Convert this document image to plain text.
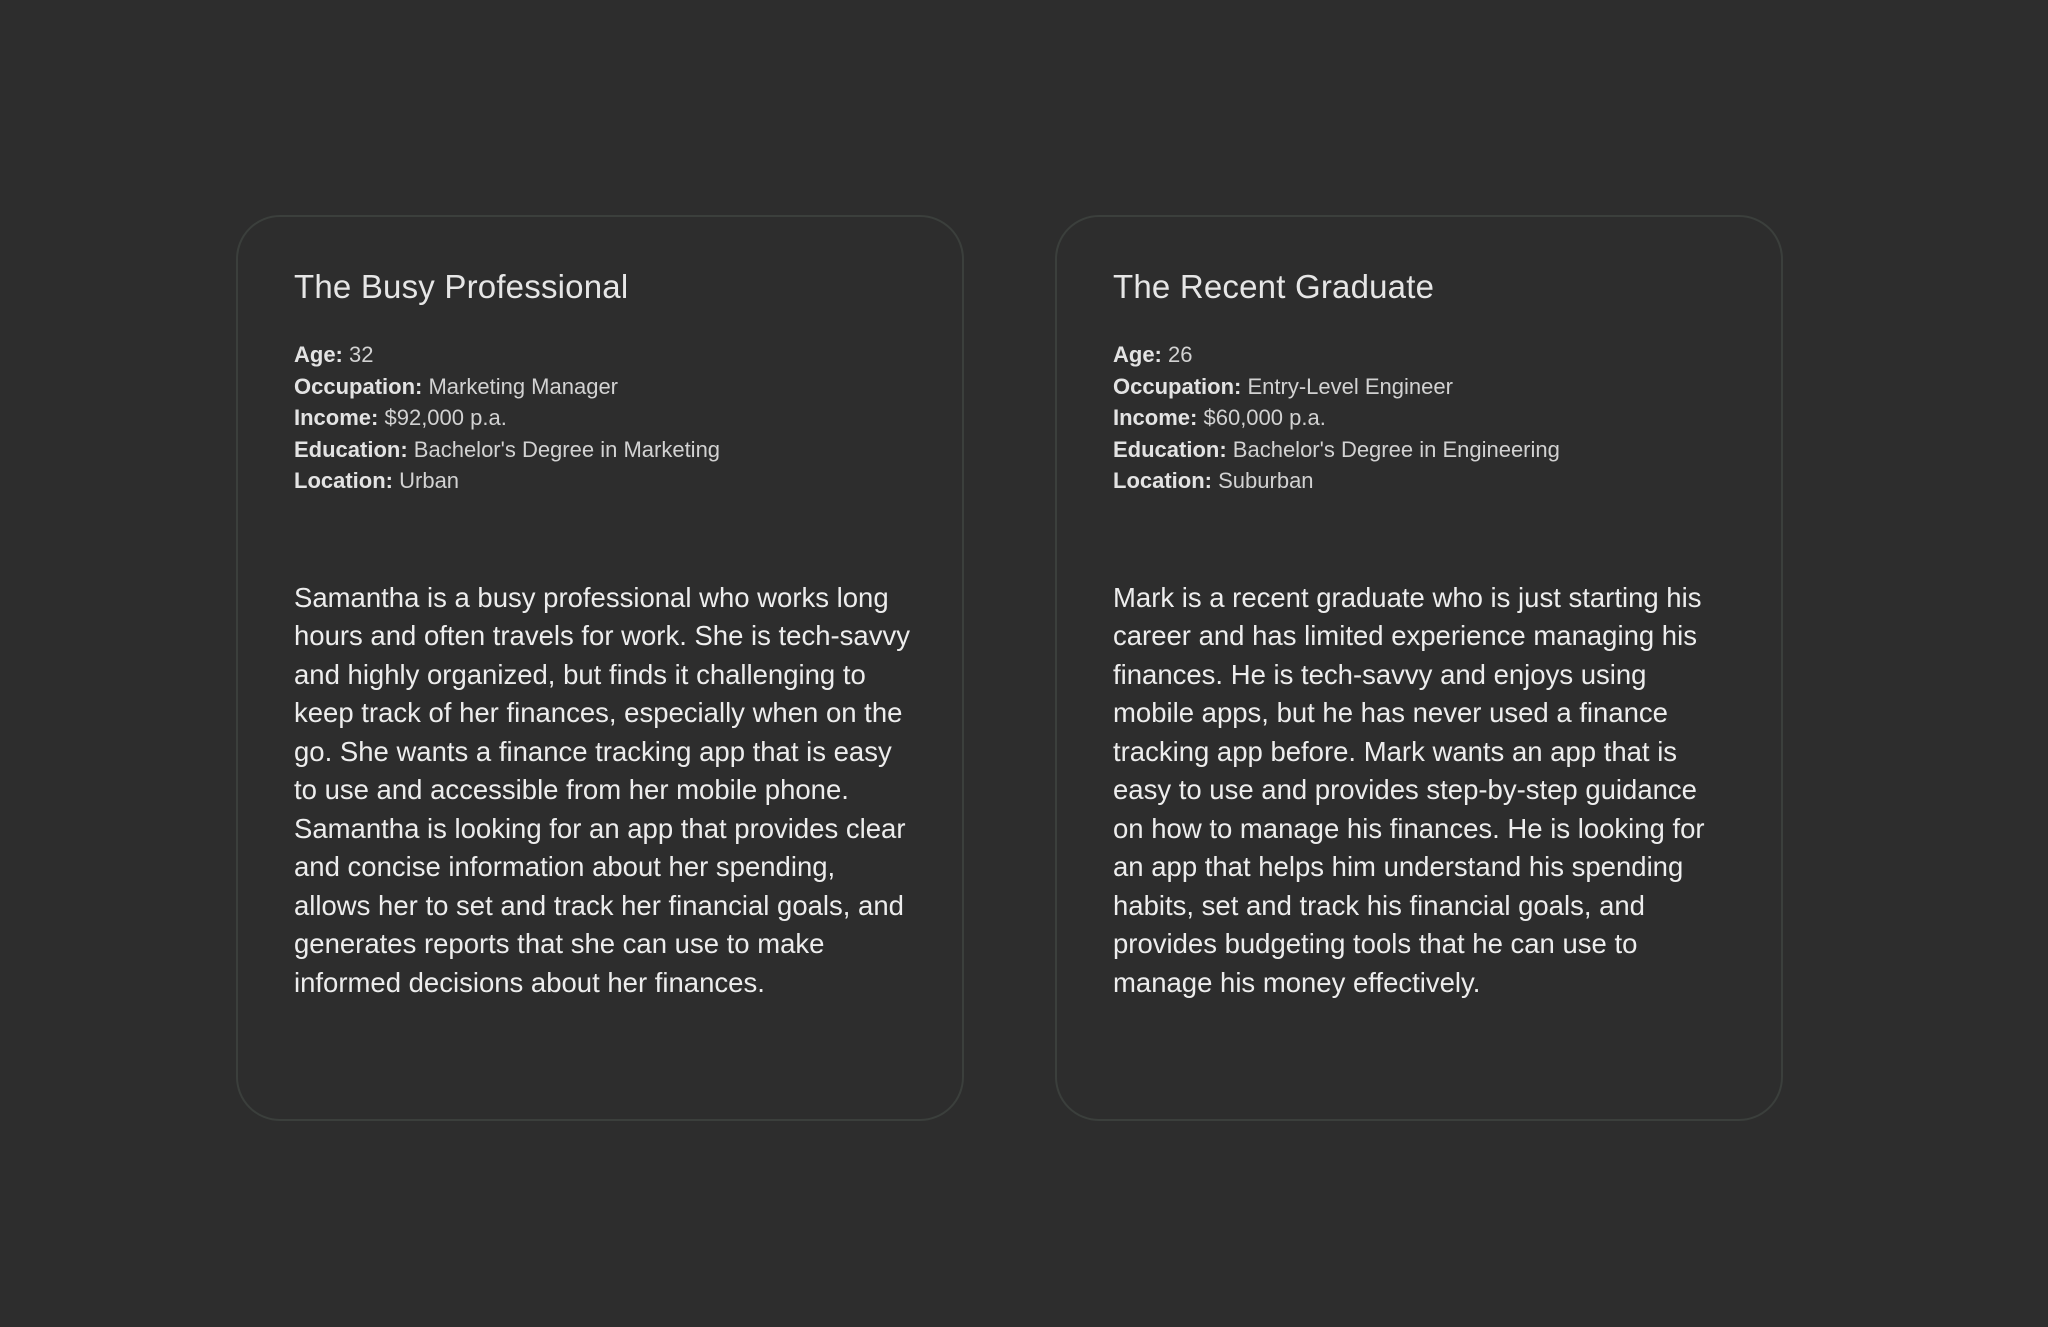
The Busy Professional
Age: 32
Occupation: Marketing Manager
Income: $92,000 p.a.
Education: Bachelor's Degree in Marketing
Location: Urban

Samantha is a busy professional who works long hours and often travels for work. She is tech-savvy and highly organized, but finds it challenging to keep track of her finances, especially when on the go. She wants a finance tracking app that is easy to use and accessible from her mobile phone. Samantha is looking for an app that provides clear and concise information about her spending, allows her to set and track her financial goals, and generates reports that she can use to make informed decisions about her finances.

The Recent Graduate
Age: 26
Occupation: Entry-Level Engineer
Income: $60,000 p.a.
Education: Bachelor's Degree in Engineering
Location: Suburban

Mark is a recent graduate who is just starting his career and has limited experience managing his finances. He is tech-savvy and enjoys using mobile apps, but he has never used a finance tracking app before. Mark wants an app that is easy to use and provides step-by-step guidance on how to manage his finances. He is looking for an app that helps him understand his spending habits, set and track his financial goals, and provides budgeting tools that he can use to manage his money effectively.
